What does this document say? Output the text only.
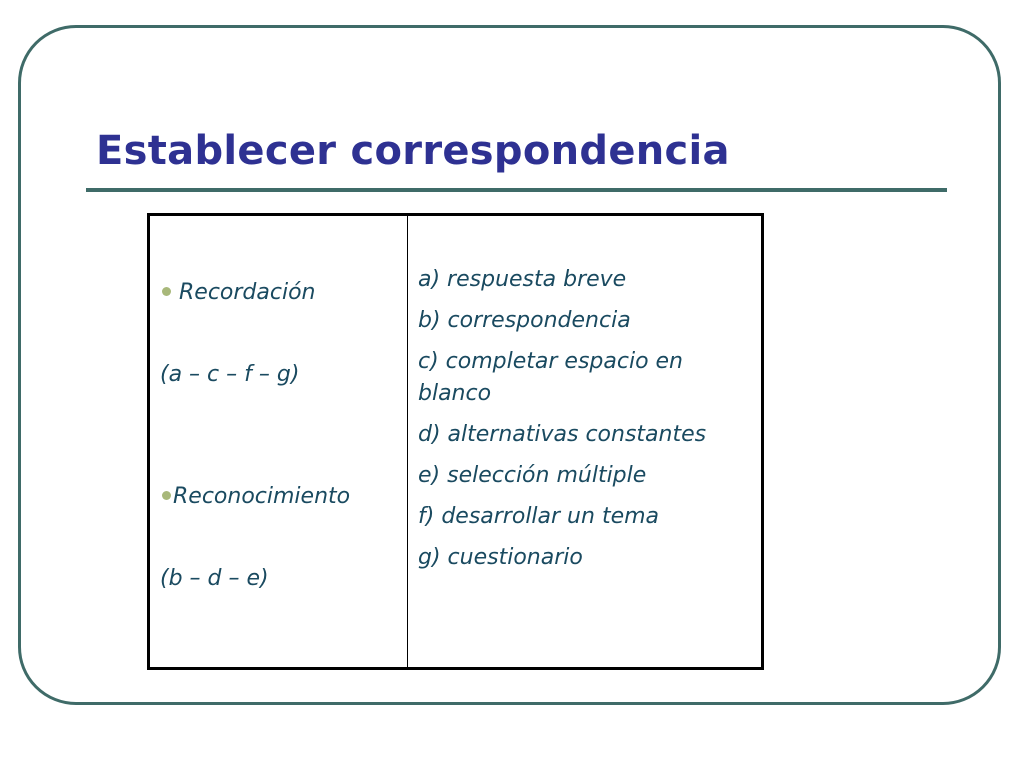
Establecer correspondencia
Recordación
(a – c – f – g)
Reconocimiento
(b – d – e)
a) respuesta breve
b) correspondencia
c) completar espacio en blanco
d) alternativas constantes
e) selección múltiple
f) desarrollar un tema
g) cuestionario
